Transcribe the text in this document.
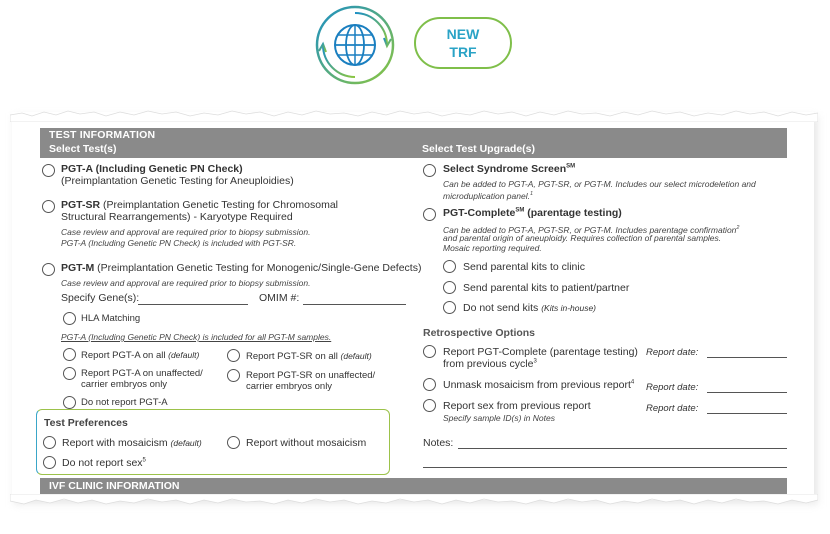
NEW
TRF
TEST INFORMATION
Select Test(s)	Select Test Upgrade(s)
PGT-A (Including Genetic PN Check)
(Preimplantation Genetic Testing for Aneuploidies)
PGT-SR (Preimplantation Genetic Testing for Chromosomal
Structural Rearrangements) - Karyotype Required
Case review and approval are required prior to biopsy submission.
PGT-A (Including Genetic PN Check) is included with PGT-SR.
PGT-M (Preimplantation Genetic Testing for Monogenic/Single-Gene Defects)
Case review and approval are required prior to biopsy submission.
Specify Gene(s):	OMIM #:
HLA Matching
PGT-A (Including Genetic PN Check) is included for all PGT-M samples.
Report PGT-A on all (default)	Report PGT-SR on all (default)
Report PGT-A on unaffected/
carrier embryos only
Report PGT-SR on unaffected/
carrier embryos only
Do not report PGT-A
Test Preferences
Report with mosaicism (default)	Report without mosaicism
Do not report sex$^5$
Select Syndrome Screen℠
Can be added to PGT-A, PGT-SR, or PGT-M. Includes our select microdeletion and
microduplication panel.$^1$
PGT-Complete℠ (parentage testing)
Can be added to PGT-A, PGT-SR, or PGT-M. Includes parentage confirmation$^2$
and parental origin of aneuploidy. Requires collection of parental samples.
Mosaic reporting required.
Send parental kits to clinic
Send parental kits to patient/partner
Do not send kits (Kits in-house)
Retrospective Options
Report PGT-Complete (parentage testing)
from previous cycle$^3$
Report date:
Unmask mosaicism from previous report$^4$ Report date:
Report sex from previous report
Specify sample ID(s) in Notes
Report date:
Notes:
IVF CLINIC INFORMATION
